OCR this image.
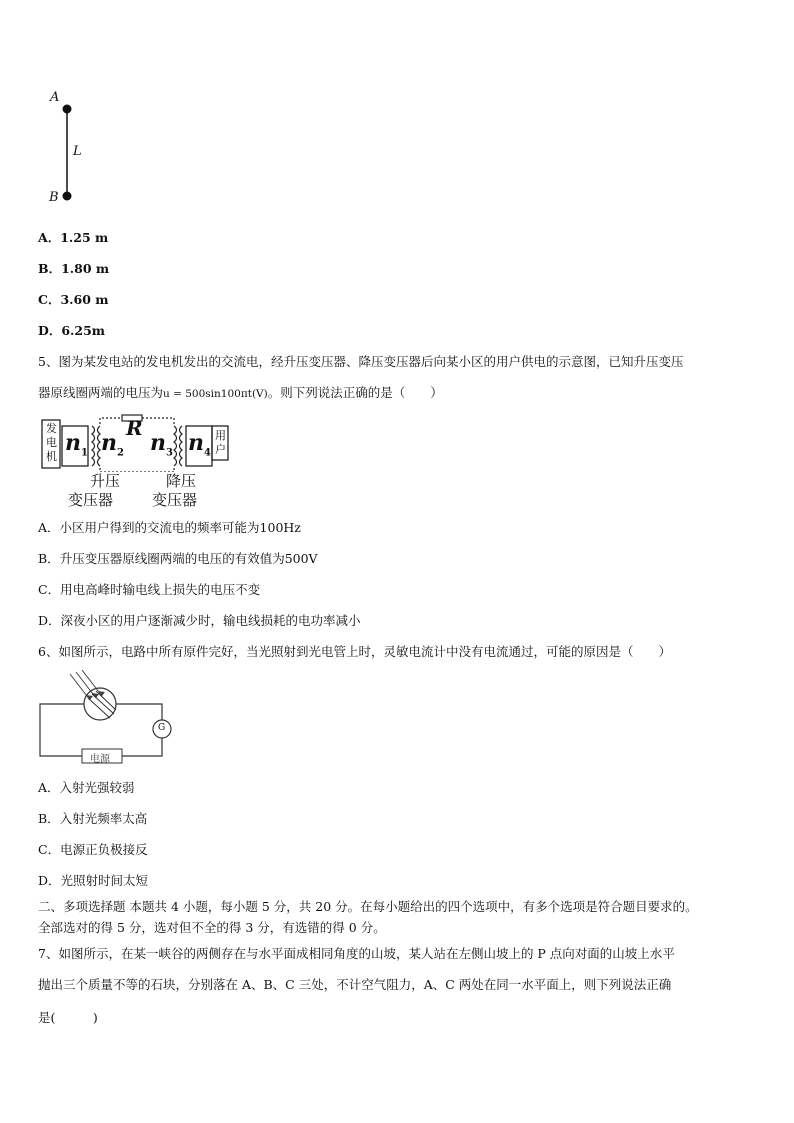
A
L
B
A．1.25 m
B．1.80 m
C．3.60 m
D．6.25m
5、图为某发电站的发电机发出的交流电，经升压变压器、降压变压器后向某小区的用户供电的示意图，已知升压变压
器原线圈两端的电压为u = 500sin100πt(V)。则下列说法正确的是（　　）
发电机
$n_1$ $n_2$
R
$n_3$ $n_4$
用户
升压
变压器
降压
变压器
A．小区用户得到的交流电的频率可能为100Hz
B．升压变压器原线圈两端的电压的有效值为500V
C．用电高峰时输电线上损失的电压不变
D．深夜小区的用户逐渐减少时，输电线损耗的电功率减小
6、如图所示，电路中所有原件完好，当光照射到光电管上时，灵敏电流计中没有电流通过，可能的原因是（　　）
G
电源
A．入射光强较弱
B．入射光频率太高
C．电源正负极接反
D．光照射时间太短
二、多项选择题 本题共 4 小题，每小题 5 分，共 20 分。在每小题给出的四个选项中，有多个选项是符合题目要求的。
全部选对的得 5 分，选对但不全的得 3 分，有选错的得 0 分。
7、如图所示，在某一峡谷的两侧存在与水平面成相同角度的山坡，某人站在左侧山坡上的 P 点向对面的山坡上水平
抛出三个质量不等的石块，分别落在 A、B、C 三处，不计空气阻力，A、C 两处在同一水平面上，则下列说法正确
是(　　　)
